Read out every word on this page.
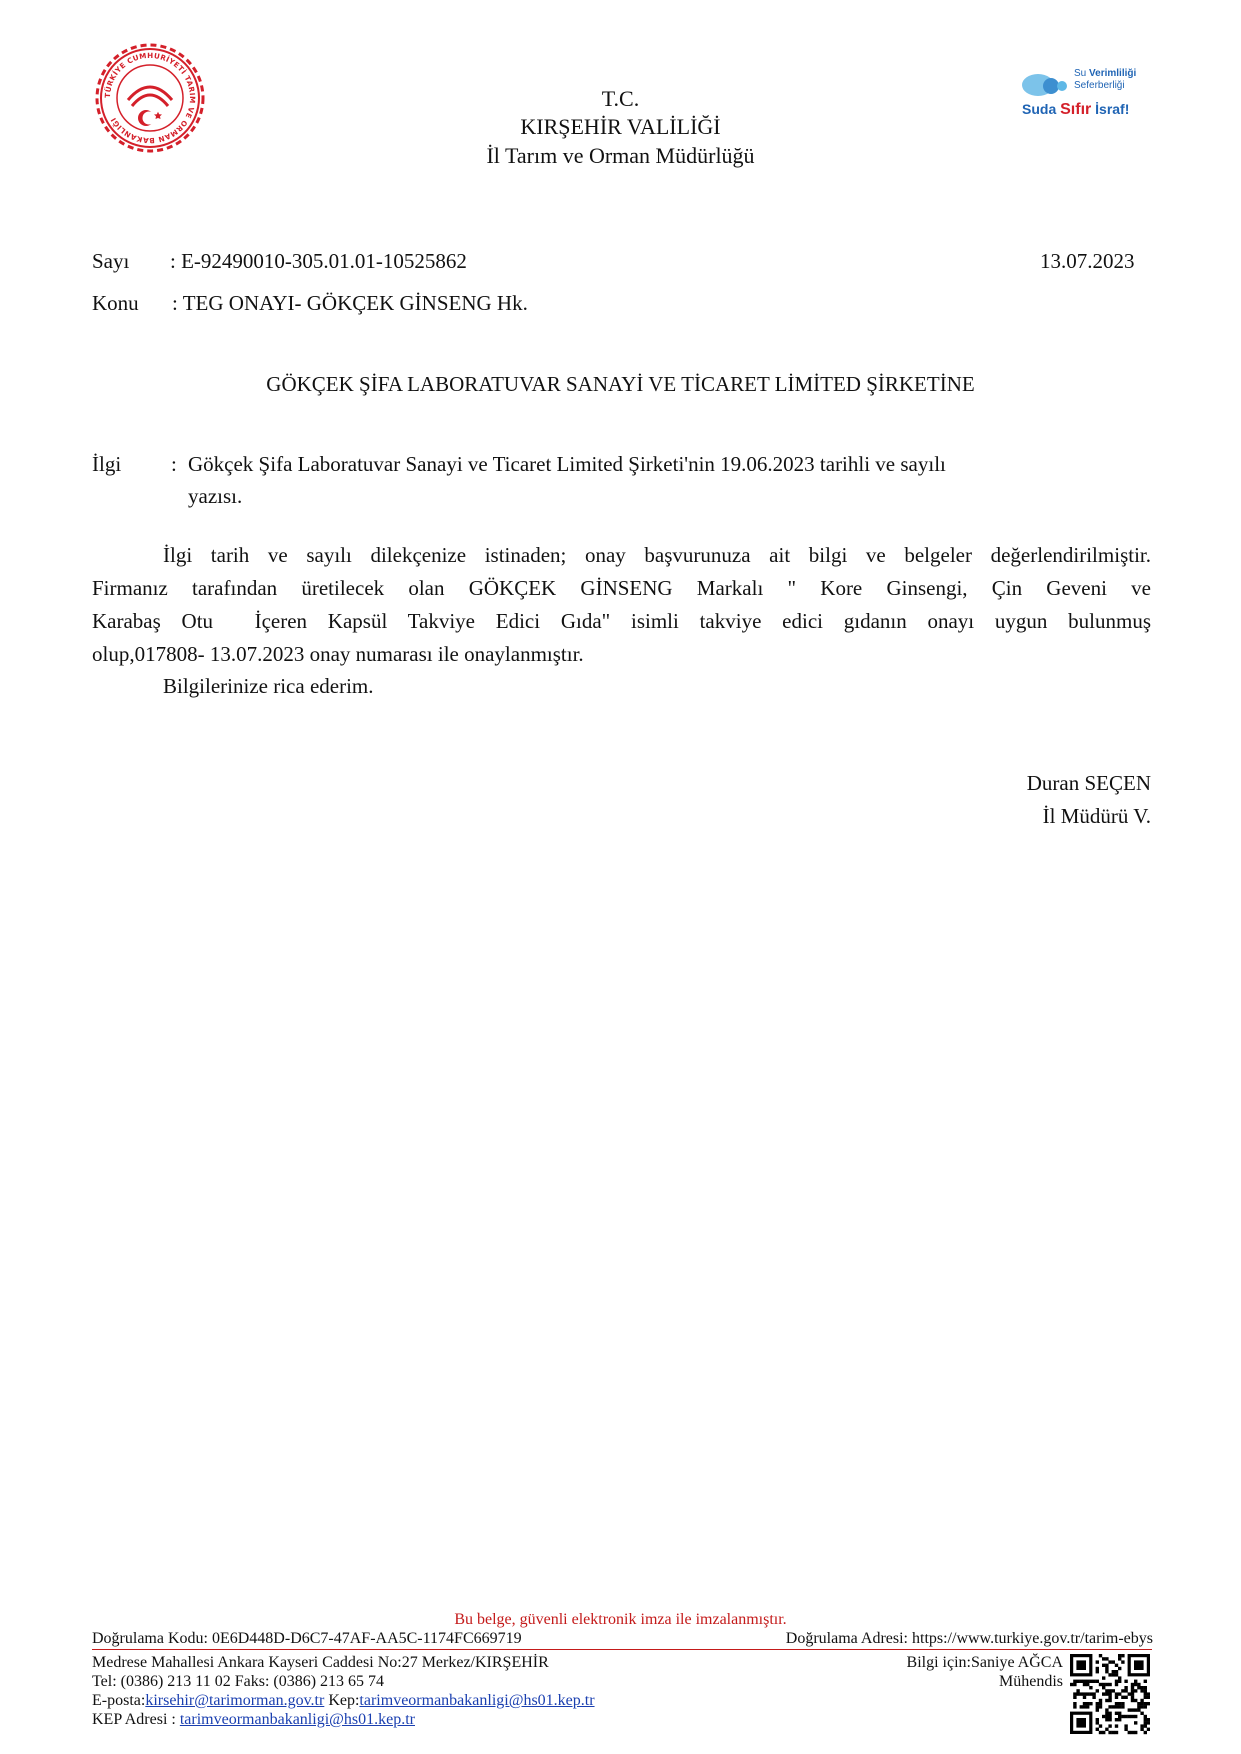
TÜRKİYE CUMHURİYETİ TARIM VE ORMAN BAKANLIĞI
Su Verimliliği
Seferberliği
Suda Sıfır İsraf!
T.C.
KIRŞEHİR VALİLİĞİ
İl Tarım ve Orman Müdürlüğü
Sayı : E-92490010-305.01.01-10525862	13.07.2023
Konu : TEG ONAYI- GÖKÇEK GİNSENG Hk.
GÖKÇEK ŞİFA LABORATUVAR SANAYİ VE TİCARET LİMİTED ŞİRKETİNE
İlgi : Gökçek Şifa Laboratuvar Sanayi ve Ticaret Limited Şirketi'nin 19.06.2023 tarihli ve sayılı
yazısı.
İlgi tarih ve sayılı dilekçenize istinaden; onay başvurunuza ait bilgi ve belgeler değerlendirilmiştir.
Firmanız tarafından üretilecek olan GÖKÇEK GİNSENG Markalı " Kore Ginsengi, Çin Geveni ve
Karabaş Otu  İçeren Kapsül Takviye Edici Gıda" isimli takviye edici gıdanın onayı uygun bulunmuş
olup,017808- 13.07.2023 onay numarası ile onaylanmıştır.
Bilgilerinize rica ederim.
Duran SEÇEN
İl Müdürü V.
Bu belge, güvenli elektronik imza ile imzalanmıştır.
Doğrulama Kodu: 0E6D448D-D6C7-47AF-AA5C-1174FC669719	Doğrulama Adresi: https://www.turkiye.gov.tr/tarim-ebys
Medrese Mahallesi Ankara Kayseri Caddesi No:27 Merkez/KIRŞEHİR
Tel: (0386) 213 11 02 Faks: (0386) 213 65 74
E-posta:kirsehir@tarimorman.gov.tr Kep:tarimveormanbakanligi@hs01.kep.tr
KEP Adresi : tarimveormanbakanligi@hs01.kep.tr
Bilgi için:Saniye AĞCA
Mühendis
